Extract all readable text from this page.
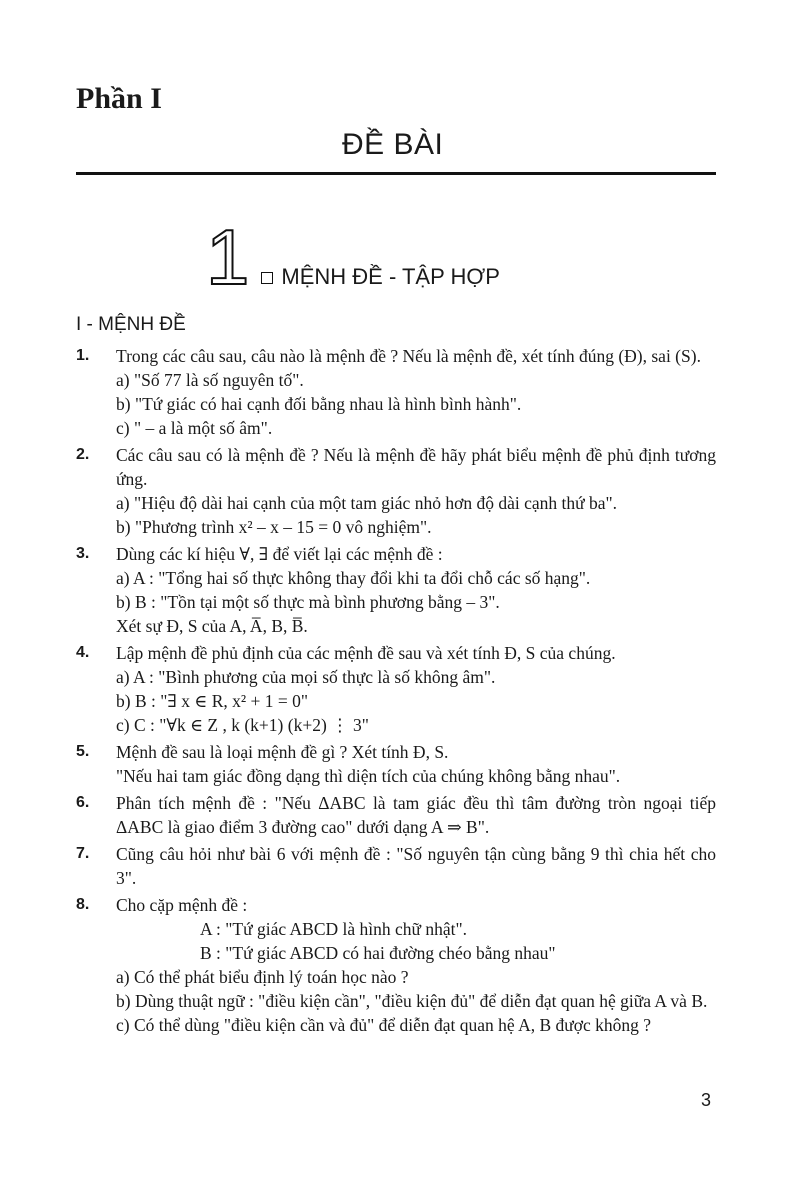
Phần I
ĐỀ BÀI
1 MỆNH ĐỀ - TẬP HỢP
I - MỆNH ĐỀ
1. Trong các câu sau, câu nào là mệnh đề ? Nếu là mệnh đề, xét tính đúng (Đ), sai (S).
a) "Số 77 là số nguyên tố".
b) "Tứ giác có hai cạnh đối bằng nhau là hình bình hành".
c) " – a là một số âm".
2. Các câu sau có là mệnh đề ? Nếu là mệnh đề hãy phát biểu mệnh đề phủ định tương ứng.
a) "Hiệu độ dài hai cạnh của một tam giác nhỏ hơn độ dài cạnh thứ ba".
b) "Phương trình x² – x – 15 = 0 vô nghiệm".
3. Dùng các kí hiệu ∀, ∃ để viết lại các mệnh đề :
a) A : "Tổng hai số thực không thay đổi khi ta đổi chỗ các số hạng".
b) B : "Tồn tại một số thực mà bình phương bằng – 3".
Xét sự Đ, S của A, A̅, B, B̅.
4. Lập mệnh đề phủ định của các mệnh đề sau và xét tính Đ, S của chúng.
a) A : "Bình phương của mọi số thực là số không âm".
b) B : "∃ x ∈ R, x² + 1 = 0"
c) C : "∀k ∈ Z , k (k+1) (k+2) ⋮ 3"
5. Mệnh đề sau là loại mệnh đề gì ? Xét tính Đ, S.
"Nếu hai tam giác đồng dạng thì diện tích của chúng không bằng nhau".
6. Phân tích mệnh đề : "Nếu ΔABC là tam giác đều thì tâm đường tròn ngoại tiếp ΔABC là giao điểm 3 đường cao" dưới dạng A ⇒ B".
7. Cũng câu hỏi như bài 6 với mệnh đề : "Số nguyên tận cùng bằng 9 thì chia hết cho 3".
8. Cho cặp mệnh đề :
A : "Tứ giác ABCD là hình chữ nhật".
B : "Tứ giác ABCD có hai đường chéo bằng nhau"
a) Có thể phát biểu định lý toán học nào ?
b) Dùng thuật ngữ : "điều kiện cần", "điều kiện đủ" để diễn đạt quan hệ giữa A và B.
c) Có thể dùng "điều kiện cần và đủ" để diễn đạt quan hệ A, B được không ?
3
